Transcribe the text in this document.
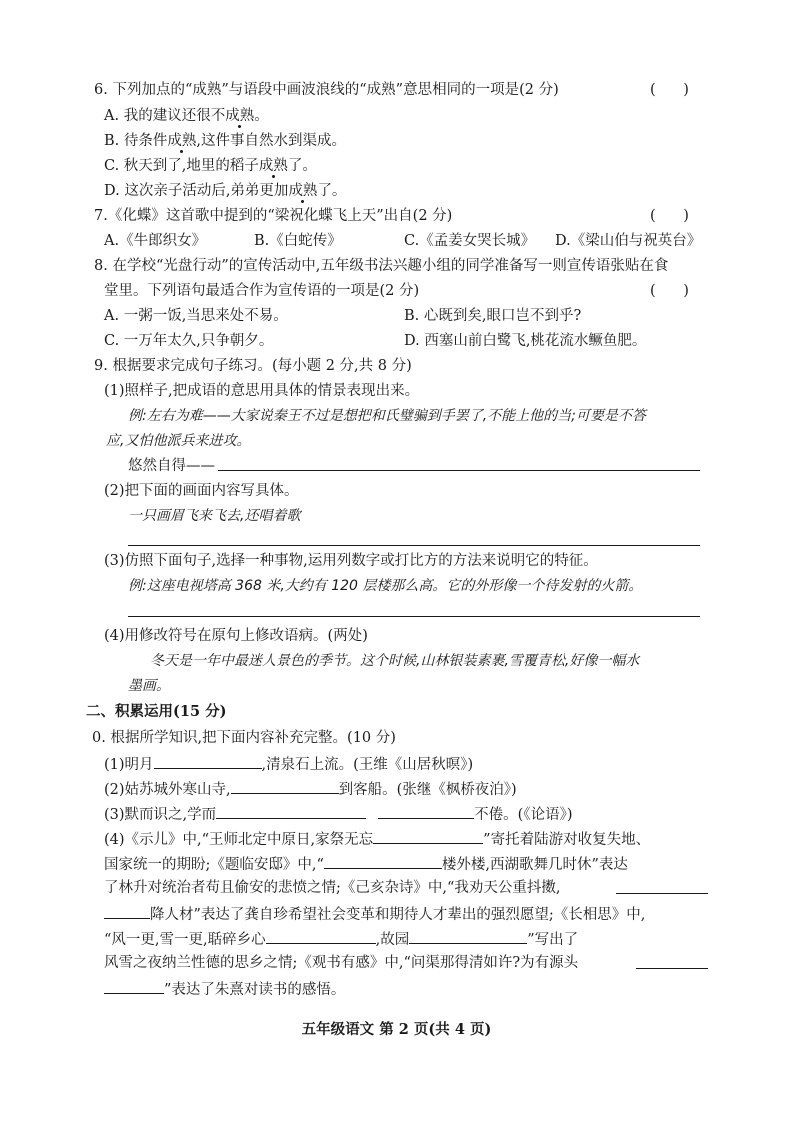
6. 下列加点的“成熟”与语段中画波浪线的“成熟”意思相同的一项是(2 分)	(      )
A. 我的建议还很不成熟。
B. 待条件成熟,这件事自然水到渠成。
C. 秋天到了,地里的稻子成熟了。
D. 这次亲子活动后,弟弟更加成熟了。
7.《化蝶》这首歌中提到的“梁祝化蝶飞上天”出自(2 分)	(      )
A.《牛郎织女》	B.《白蛇传》	C.《孟姜女哭长城》 D.《梁山伯与祝英台》
8. 在学校“光盘行动”的宣传活动中,五年级书法兴趣小组的同学准备写一则宣传语张贴在食
堂里。下列语句最适合作为宣传语的一项是(2 分)	(      )
A. 一粥一饭,当思来处不易。	B. 心既到矣,眼口岂不到乎?
C. 一万年太久,只争朝夕。	D. 西塞山前白鹭飞,桃花流水鳜鱼肥。
9. 根据要求完成句子练习。(每小题 2 分,共 8 分)
(1)照样子,把成语的意思用具体的情景表现出来。
例:左右为难——大家说秦王不过是想把和氏璧骗到手罢了,不能上他的当;可要是不答
应,又怕他派兵来进攻。
悠然自得——
(2)把下面的画面内容写具体。
一只画眉飞来飞去,还唱着歌
(3)仿照下面句子,选择一种事物,运用列数字或打比方的方法来说明它的特征。
例:这座电视塔高 368 米,大约有 120 层楼那么高。它的外形像一个待发射的火箭。
(4)用修改符号在原句上修改语病。(两处)
冬天是一年中最迷人景色的季节。这个时候,山林银装素裹,雪覆青松,好像一幅水
墨画。
二、积累运用(15 分)
0. 根据所学知识,把下面内容补充完整。(10 分)
(1)明月	,清泉石上流。(王维《山居秋暝》)
(2)姑苏城外寒山寺,	到客船。(张继《枫桥夜泊》)
(3)默而识之,学而	不倦。(《论语》)
(4)《示儿》中,“王师北定中原日,家祭无忘	”寄托着陆游对收复失地、
国家统一的期盼;《题临安邸》中,“	楼外楼,西湖歌舞几时休”表达
了林升对统治者苟且偷安的悲愤之情;《己亥杂诗》中,“我劝天公重抖擞,
降人材”表达了龚自珍希望社会变革和期待人才辈出的强烈愿望;《长相思》中,
“风一更,雪一更,聒碎乡心	,故园	”写出了
风雪之夜纳兰性德的思乡之情;《观书有感》中,“问渠那得清如许?为有源头
”表达了朱熹对读书的感悟。
五年级语文 第 2 页(共 4 页)
